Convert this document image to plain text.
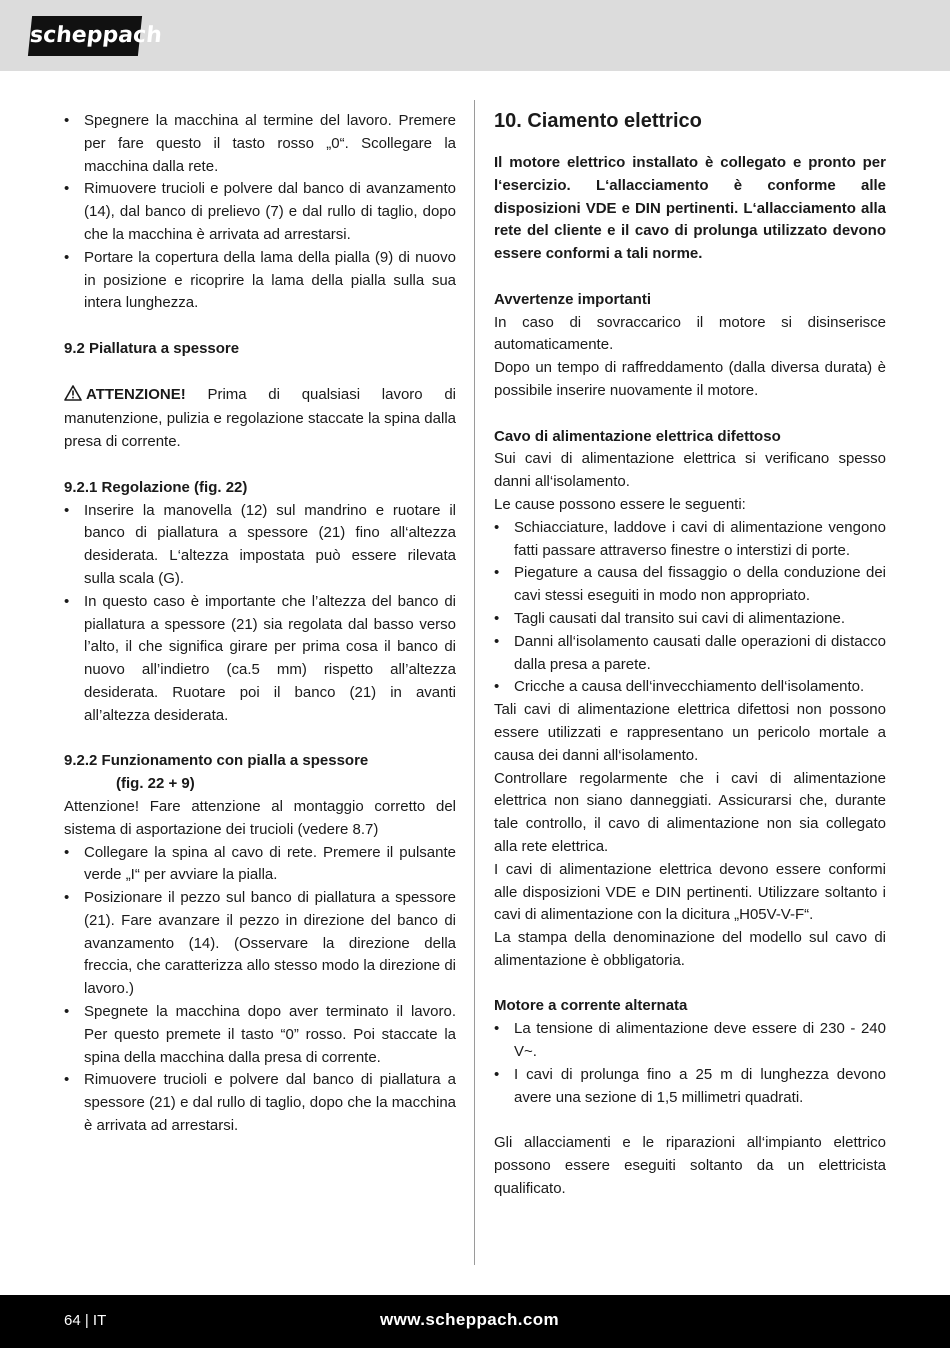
scheppach
• Spegnere la macchina al termine del lavoro. Premere per fare questo il tasto rosso „0“. Scollegare la macchina dalla rete.
• Rimuovere trucioli e polvere dal banco di avanzamento (14), dal banco di prelievo (7) e dal rullo di taglio, dopo che la macchina è arrivata ad arrestarsi.
• Portare la copertura della lama della pialla (9) di nuovo in posizione e ricoprire la lama della pialla sulla sua intera lunghezza.

9.2 Piallatura a spessore

ATTENZIONE! Prima di qualsiasi lavoro di manutenzione, pulizia e regolazione staccate la spina dalla presa di corrente.

9.2.1 Regolazione (fig. 22)

• Inserire la manovella (12) sul mandrino e ruotare il banco di piallatura a spessore (21) fino all‘altezza desiderata. L‘altezza impostata può essere rilevata sulla scala (G).
• In questo caso è importante che l’altezza del banco di piallatura a spessore (21) sia regolata dal basso verso l’alto, il che significa girare per prima cosa il banco di nuovo all’indietro (ca.5 mm) rispetto all’altezza desiderata. Ruotare poi il banco (21) in avanti all’altezza desiderata.

9.2.2 Funzionamento con pialla a spessore

(fig. 22 + 9)

Attenzione! Fare attenzione al montaggio corretto del sistema di asportazione dei trucioli (vedere 8.7)

• Collegare la spina al cavo di rete. Premere il pulsante verde „I“ per avviare la pialla.
• Posizionare il pezzo sul banco di piallatura a spessore (21). Fare avanzare il pezzo in direzione del banco di avanzamento (14). (Osservare la direzione della freccia, che caratterizza allo stesso modo la direzione di lavoro.)
• Spegnete la macchina dopo aver terminato il lavoro. Per questo premete il tasto “0” rosso. Poi staccate la spina della macchina dalla presa di corrente.
• Rimuovere trucioli e polvere dal banco di piallatura a spessore (21) e dal rullo di taglio, dopo che la macchina è arrivata ad arrestarsi.

10. Ciamento elettrico

Il motore elettrico installato è collegato e pronto per l‘esercizio. L‘allacciamento è conforme alle disposizioni VDE e DIN pertinenti. L‘allacciamento alla rete del cliente e il cavo di prolunga utilizzato devono essere conformi a tali norme.

Avvertenze importanti

In caso di sovraccarico il motore si disinserisce automaticamente.

Dopo un tempo di raffreddamento (dalla diversa durata) è possibile inserire nuovamente il motore.

Cavo di alimentazione elettrica difettoso

Sui cavi di alimentazione elettrica si verificano spesso danni all‘isolamento.

Le cause possono essere le seguenti:

• Schiacciature, laddove i cavi di alimentazione vengono fatti passare attraverso finestre o interstizi di porte.
• Piegature a causa del fissaggio o della conduzione dei cavi stessi eseguiti in modo non appropriato.
• Tagli causati dal transito sui cavi di alimentazione.
• Danni all‘isolamento causati dalle operazioni di distacco dalla presa a parete.
• Cricche a causa dell‘invecchiamento dell‘isolamento.

Tali cavi di alimentazione elettrica difettosi non possono essere utilizzati e rappresentano un pericolo mortale a causa dei danni all‘isolamento.

Controllare regolarmente che i cavi di alimentazione elettrica non siano danneggiati. Assicurarsi che, durante tale controllo, il cavo di alimentazione non sia collegato alla rete elettrica.

I cavi di alimentazione elettrica devono essere conformi alle disposizioni VDE e DIN pertinenti. Utilizzare soltanto i cavi di alimentazione con la dicitura „H05V-V-F“.

La stampa della denominazione del modello sul cavo di alimentazione è obbligatoria.

Motore a corrente alternata

• La tensione di alimentazione deve essere di 230 - 240 V~.
• I cavi di prolunga fino a 25 m di lunghezza devono avere una sezione di 1,5 millimetri quadrati.

Gli allacciamenti e le riparazioni all‘impianto elettrico possono essere eseguiti soltanto da un elettricista qualificato.

64 | IT	www.scheppach.com
